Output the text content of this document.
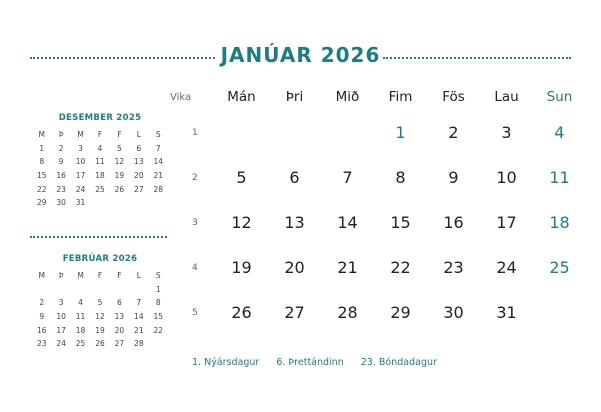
JANÚAR 2026
DESEMBER 2025
M	Þ	M	F	F	L	S
1	2	3	4	5	6	7
8	9	10	11	12	13	14
15	16	17	18	19	20	21
22	23	24	25	26	27	28
29	30	31				
FEBRÚAR 2026
M	Þ	M	F	F	L	S
						1
2	3	4	5	6	7	8
9	10	11	12	13	14	15
16	17	18	19	20	21	22
23	24	25	26	27	28	
Vika	Mán	Þri	Mið	Fim	Fös	Lau	Sun
1				1	2	3	4
2	5	6	7	8	9	10	11
3	12	13	14	15	16	17	18
4	19	20	21	22	23	24	25
5	26	27	28	29	30	31	
1. Nýársdagur 6. Þrettándinn 23. Bóndadagur
